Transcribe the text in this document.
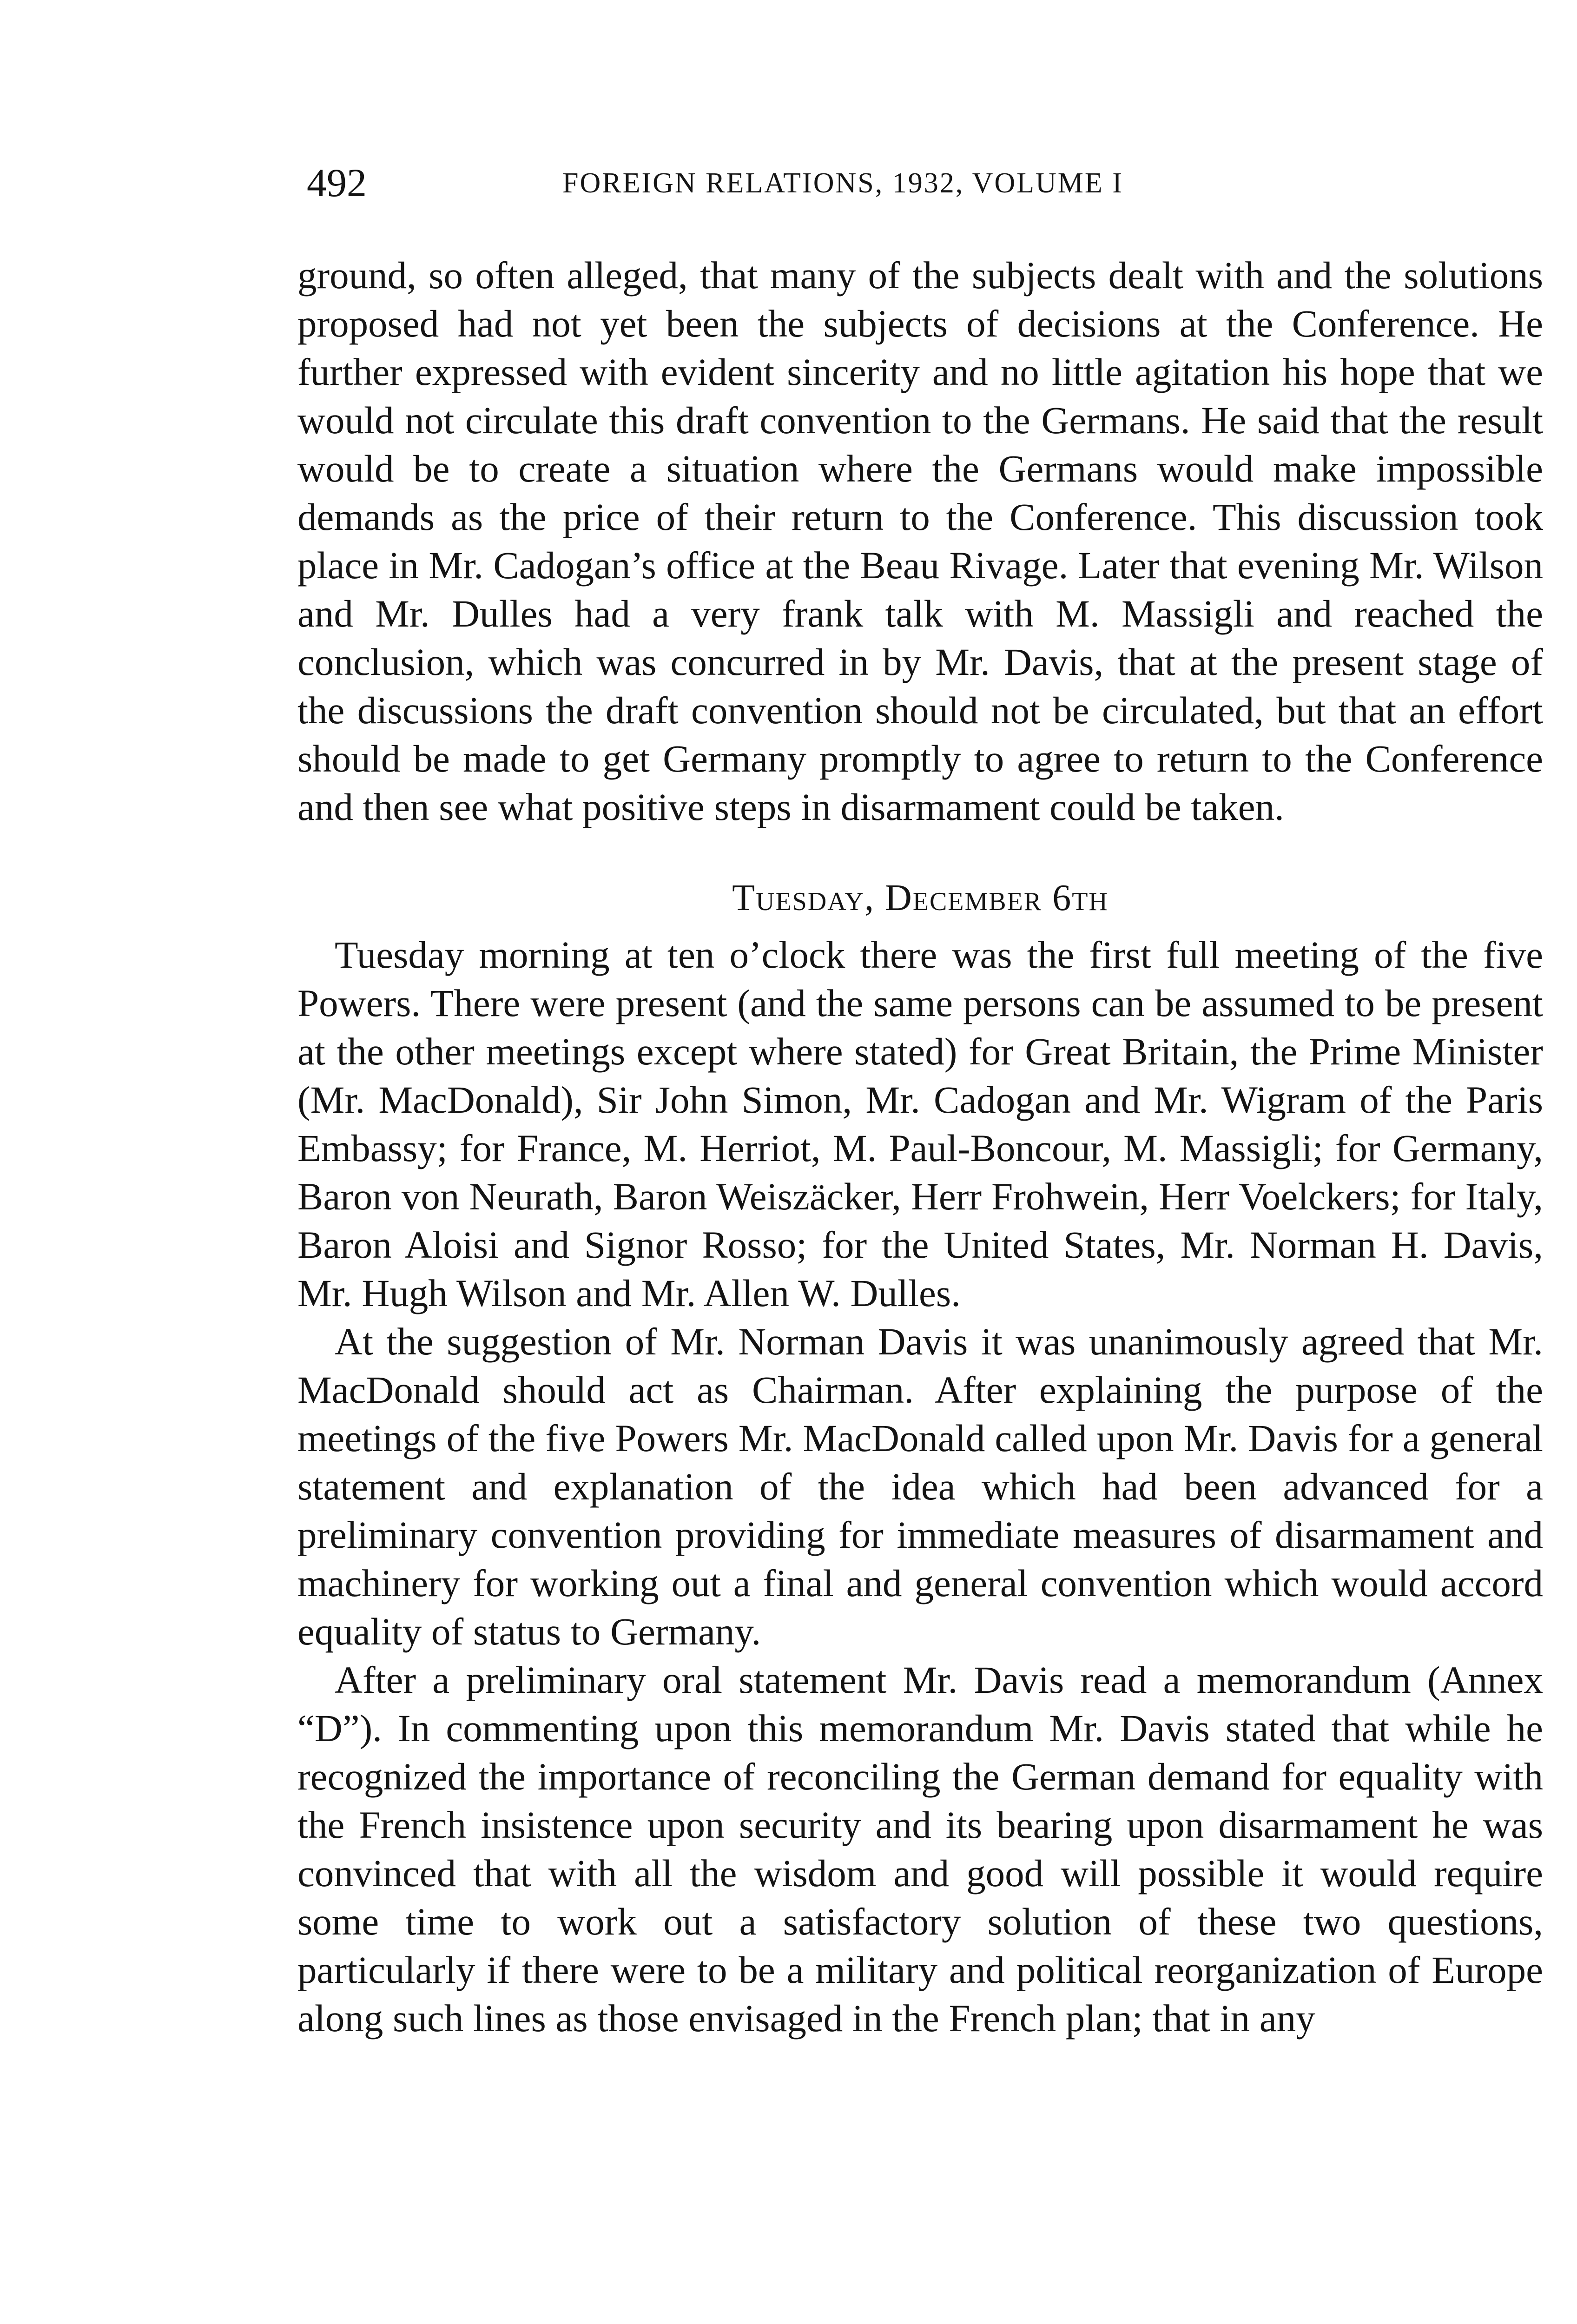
492	FOREIGN RELATIONS, 1932, VOLUME I

ground, so often alleged, that many of the subjects dealt with and the solutions proposed had not yet been the subjects of decisions at the Conference. He further expressed with evident sincerity and no little agitation his hope that we would not circulate this draft convention to the Germans. He said that the result would be to create a situation where the Germans would make impossible demands as the price of their return to the Conference. This discussion took place in Mr. Cadogan’s office at the Beau Rivage. Later that evening Mr. Wilson and Mr. Dulles had a very frank talk with M. Massigli and reached the conclusion, which was concurred in by Mr. Davis, that at the present stage of the discussions the draft convention should not be circulated, but that an effort should be made to get Germany promptly to agree to return to the Conference and then see what positive steps in disarmament could be taken.

Tuesday, December 6th

Tuesday morning at ten o’clock there was the first full meeting of the five Powers. There were present (and the same persons can be assumed to be present at the other meetings except where stated) for Great Britain, the Prime Minister (Mr. MacDonald), Sir John Simon, Mr. Cadogan and Mr. Wigram of the Paris Embassy; for France, M. Herriot, M. Paul-Boncour, M. Massigli; for Germany, Baron von Neurath, Baron Weiszäcker, Herr Frohwein, Herr Voelckers; for Italy, Baron Aloisi and Signor Rosso; for the United States, Mr. Norman H. Davis, Mr. Hugh Wilson and Mr. Allen W. Dulles.

At the suggestion of Mr. Norman Davis it was unanimously agreed that Mr. MacDonald should act as Chairman. After explaining the purpose of the meetings of the five Powers Mr. MacDonald called upon Mr. Davis for a general statement and explanation of the idea which had been advanced for a preliminary convention providing for immediate measures of disarmament and machinery for working out a final and general convention which would accord equality of status to Germany.

After a preliminary oral statement Mr. Davis read a memorandum (Annex “D”). In commenting upon this memorandum Mr. Davis stated that while he recognized the importance of reconciling the German demand for equality with the French insistence upon security and its bearing upon disarmament he was convinced that with all the wisdom and good will possible it would require some time to work out a satisfactory solution of these two questions, particularly if there were to be a military and political reorganization of Europe along such lines as those envisaged in the French plan; that in any
